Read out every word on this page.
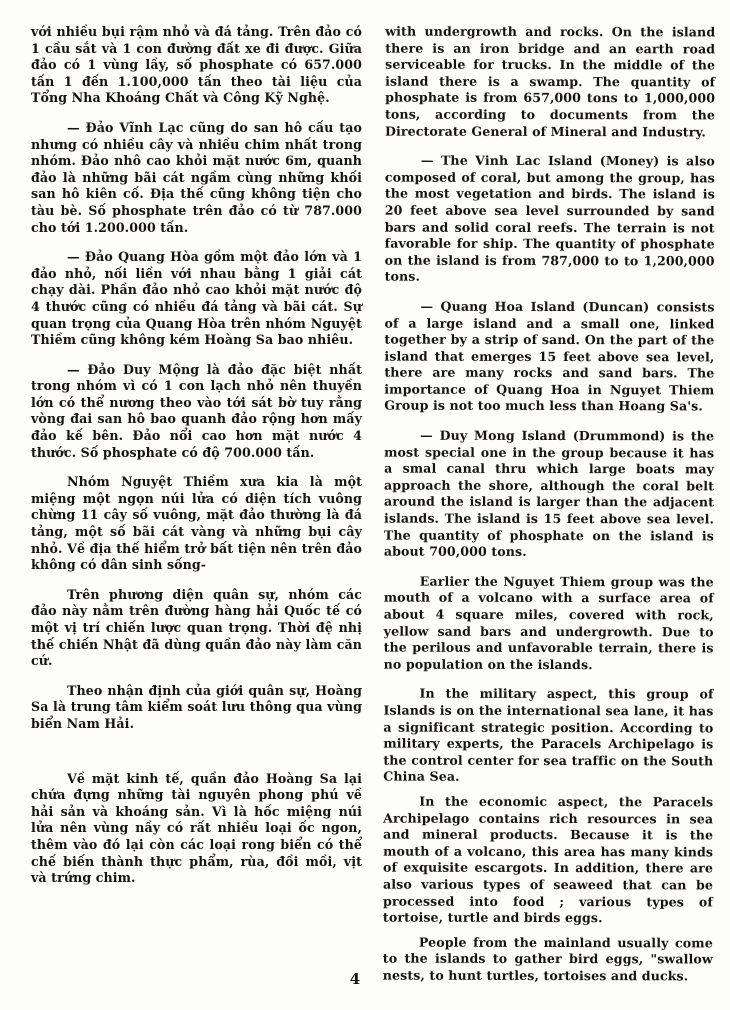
với nhiều bụi rậm nhỏ và đá tảng. Trên đảo có 1 cầu sắt và 1 con đường đất xe đi được. Giữa đảo có 1 vùng lầy, số phosphate có 657.000 tấn 1 đến 1.100,000 tấn theo tài liệu của Tổng Nha Khoáng Chất và Công Kỹ Nghệ.

— Đảo Vĩnh Lạc cũng do san hô cấu tạo nhưng có nhiều cây và nhiều chim nhất trong nhóm. Đảo nhô cao khỏi mặt nước 6m, quanh đảo là những bãi cát ngầm cùng những khối san hô kiên cố. Địa thế cũng không tiện cho tàu bè. Số phosphate trên đảo có từ 787.000 cho tới 1.200.000 tấn.

— Đảo Quang Hòa gồm một đảo lớn và 1 đảo nhỏ, nối liền với nhau bằng 1 giải cát chạy dài. Phần đảo nhỏ cao khỏi mặt nước độ 4 thước cũng có nhiều đá tảng và bãi cát. Sự quan trọng của Quang Hòa trên nhóm Nguyệt Thiềm cũng không kém Hoàng Sa bao nhiêu.

— Đảo Duy Mộng là đảo đặc biệt nhất trong nhóm vì có 1 con lạch nhỏ nên thuyền lớn có thể nương theo vào tới sát bờ tuy rằng vòng đai san hô bao quanh đảo rộng hơn mấy đảo kế bên. Đảo nổi cao hơn mặt nước 4 thước. Số phosphate có độ 700.000 tấn.

Nhóm Nguyệt Thiềm xưa kia là một miệng một ngọn núi lửa có diện tích vuông chừng 11 cây số vuông, mặt đảo thường là đá tảng, một số bãi cát vàng và những bụi cây nhỏ. Về địa thế hiểm trở bất tiện nên trên đảo không có dân sinh sống-

Trên phương diện quân sự, nhóm các đảo này nằm trên đường hàng hải Quốc tế có một vị trí chiến lược quan trọng. Thời đệ nhị thế chiến Nhật đã dùng quần đảo này làm căn cứ.

Theo nhận định của giới quân sự, Hoàng Sa là trung tâm kiểm soát lưu thông qua vùng biển Nam Hải.

Về mặt kinh tế, quần đảo Hoàng Sa lại chứa đựng những tài nguyên phong phú về hải sản và khoáng sản. Vì là hốc miệng núi lửa nên vùng nầy có rất nhiều loại ốc ngon, thêm vào đó lại còn các loại rong biển có thể chế biến thành thực phẩm, rùa, đồi mồi, vịt và trứng chim.

with undergrowth and rocks. On the island there is an iron bridge and an earth road serviceable for trucks. In the middle of the island there is a swamp. The quantity of phosphate is from 657,000 tons to 1,000,000 tons, according to documents from the Directorate General of Mineral and Industry.

— The Vinh Lac Island (Money) is also composed of coral, but among the group, has the most vegetation and birds. The island is 20 feet above sea level surrounded by sand bars and solid coral reefs. The terrain is not favorable for ship. The quantity of phosphate on the island is from 787,000 to to 1,200,000 tons.

— Quang Hoa Island (Duncan) consists of a large island and a small one, linked together by a strip of sand. On the part of the island that emerges 15 feet above sea level, there are many rocks and sand bars. The importance of Quang Hoa in Nguyet Thiem Group is not too much less than Hoang Sa's.

— Duy Mong Island (Drummond) is the most special one in the group because it has a smal canal thru which large boats may approach the shore, although the coral belt around the island is larger than the adjacent islands. The island is 15 feet above sea level. The quantity of phosphate on the island is about 700,000 tons.

Earlier the Nguyet Thiem group was the mouth of a volcano with a surface area of about 4 square miles, covered with rock, yellow sand bars and undergrowth. Due to the perilous and unfavorable terrain, there is no population on the islands.

In the military aspect, this group of Islands is on the international sea lane, it has a significant strategic position. According to military experts, the Paracels Archipelago is the control center for sea traffic on the South China Sea.

In the economic aspect, the Paracels Archipelago contains rich resources in sea and mineral products. Because it is the mouth of a volcano, this area has many kinds of exquisite escargots. In addition, there are also various types of seaweed that can be processed into food ; various types of tortoise, turtle and birds eggs.

People from the mainland usually come to the islands to gather bird eggs, "swallow nests, to hunt turtles, tortoises and ducks.

4
